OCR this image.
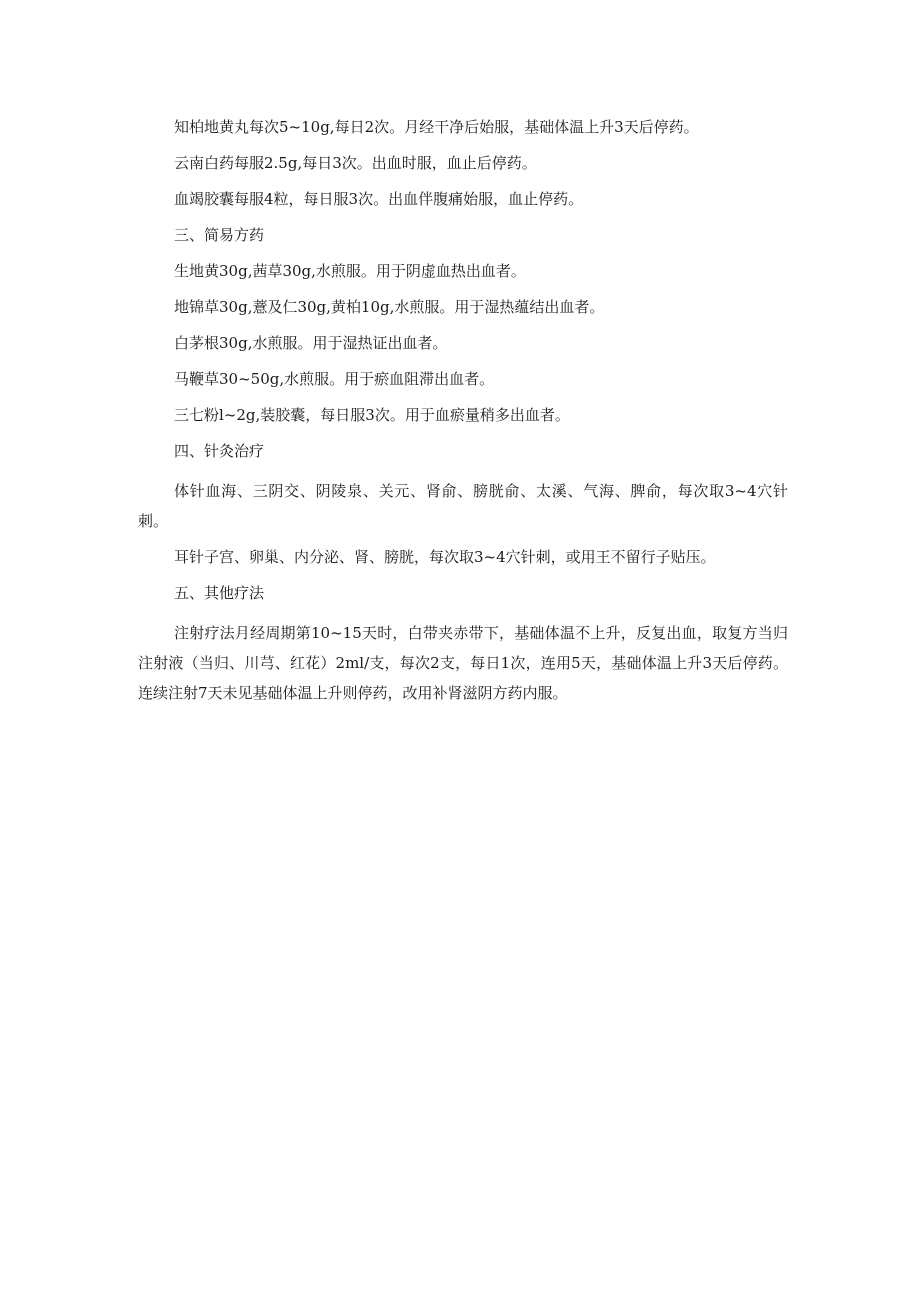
知柏地黄丸每次5~10g,每日2次。月经干净后始服，基础体温上升3天后停药。

云南白药每服2.5g,每日3次。出血时服，血止后停药。

血竭胶囊每服4粒，每日服3次。出血伴腹痛始服，血止停药。

三、简易方药

生地黄30g,茜草30g,水煎服。用于阴虚血热出血者。

地锦草30g,薏及仁30g,黄柏10g,水煎服。用于湿热蕴结出血者。

白茅根30g,水煎服。用于湿热证出血者。

马鞭草30~50g,水煎服。用于瘀血阻滞出血者。

三七粉l~2g,装胶囊，每日服3次。用于血瘀量稍多出血者。

四、针灸治疗

体针血海、三阴交、阴陵泉、关元、肾俞、膀胱俞、太溪、气海、脾俞，每次取3~4穴针刺。

耳针子宫、卵巢、内分泌、肾、膀胱，每次取3~4穴针刺，或用王不留行子贴压。

五、其他疗法

注射疗法月经周期第10~15天时，白带夹赤带下，基础体温不上升，反复出血，取复方当归注射液（当归、川芎、红花）2ml/支，每次2支，每日1次，连用5天，基础体温上升3天后停药。连续注射7天未见基础体温上升则停药，改用补肾滋阴方药内服。
